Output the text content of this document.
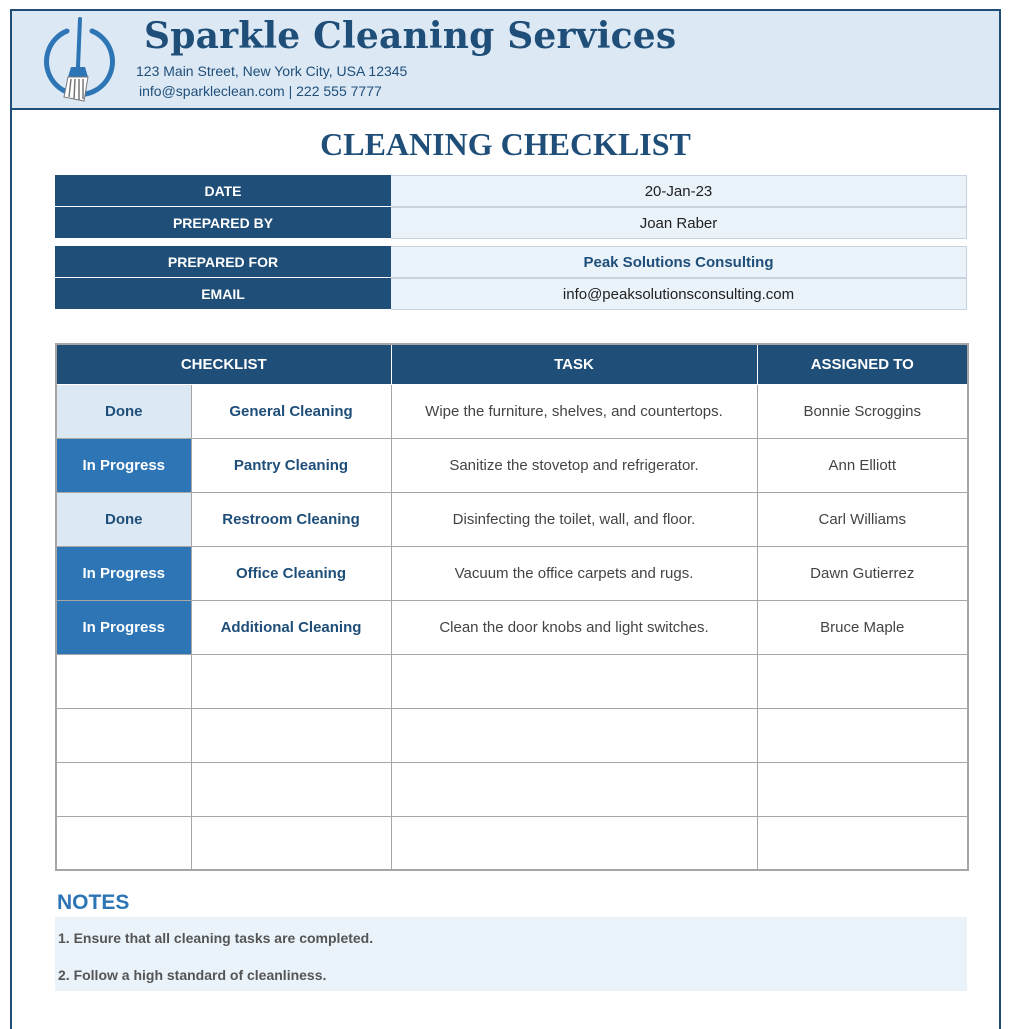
Sparkle Cleaning Services
123 Main Street, New York City, USA 12345
info@sparkleclean.com | 222 555 7777
CLEANING CHECKLIST
DATE	20-Jan-23
PREPARED BY	Joan Raber
PREPARED FOR	Peak Solutions Consulting
EMAIL	info@peaksolutionsconsulting.com
CHECKLIST		TASK	ASSIGNED TO
Done	General Cleaning	Wipe the furniture, shelves, and countertops.	Bonnie Scroggins
In Progress	Pantry Cleaning	Sanitize the stovetop and refrigerator.	Ann Elliott
Done	Restroom Cleaning	Disinfecting the toilet, wall, and floor.	Carl Williams
In Progress	Office Cleaning	Vacuum the office carpets and rugs.	Dawn Gutierrez
In Progress	Additional Cleaning	Clean the door knobs and light switches.	Bruce Maple

NOTES
1. Ensure that all cleaning tasks are completed.
2. Follow a high standard of cleanliness.
